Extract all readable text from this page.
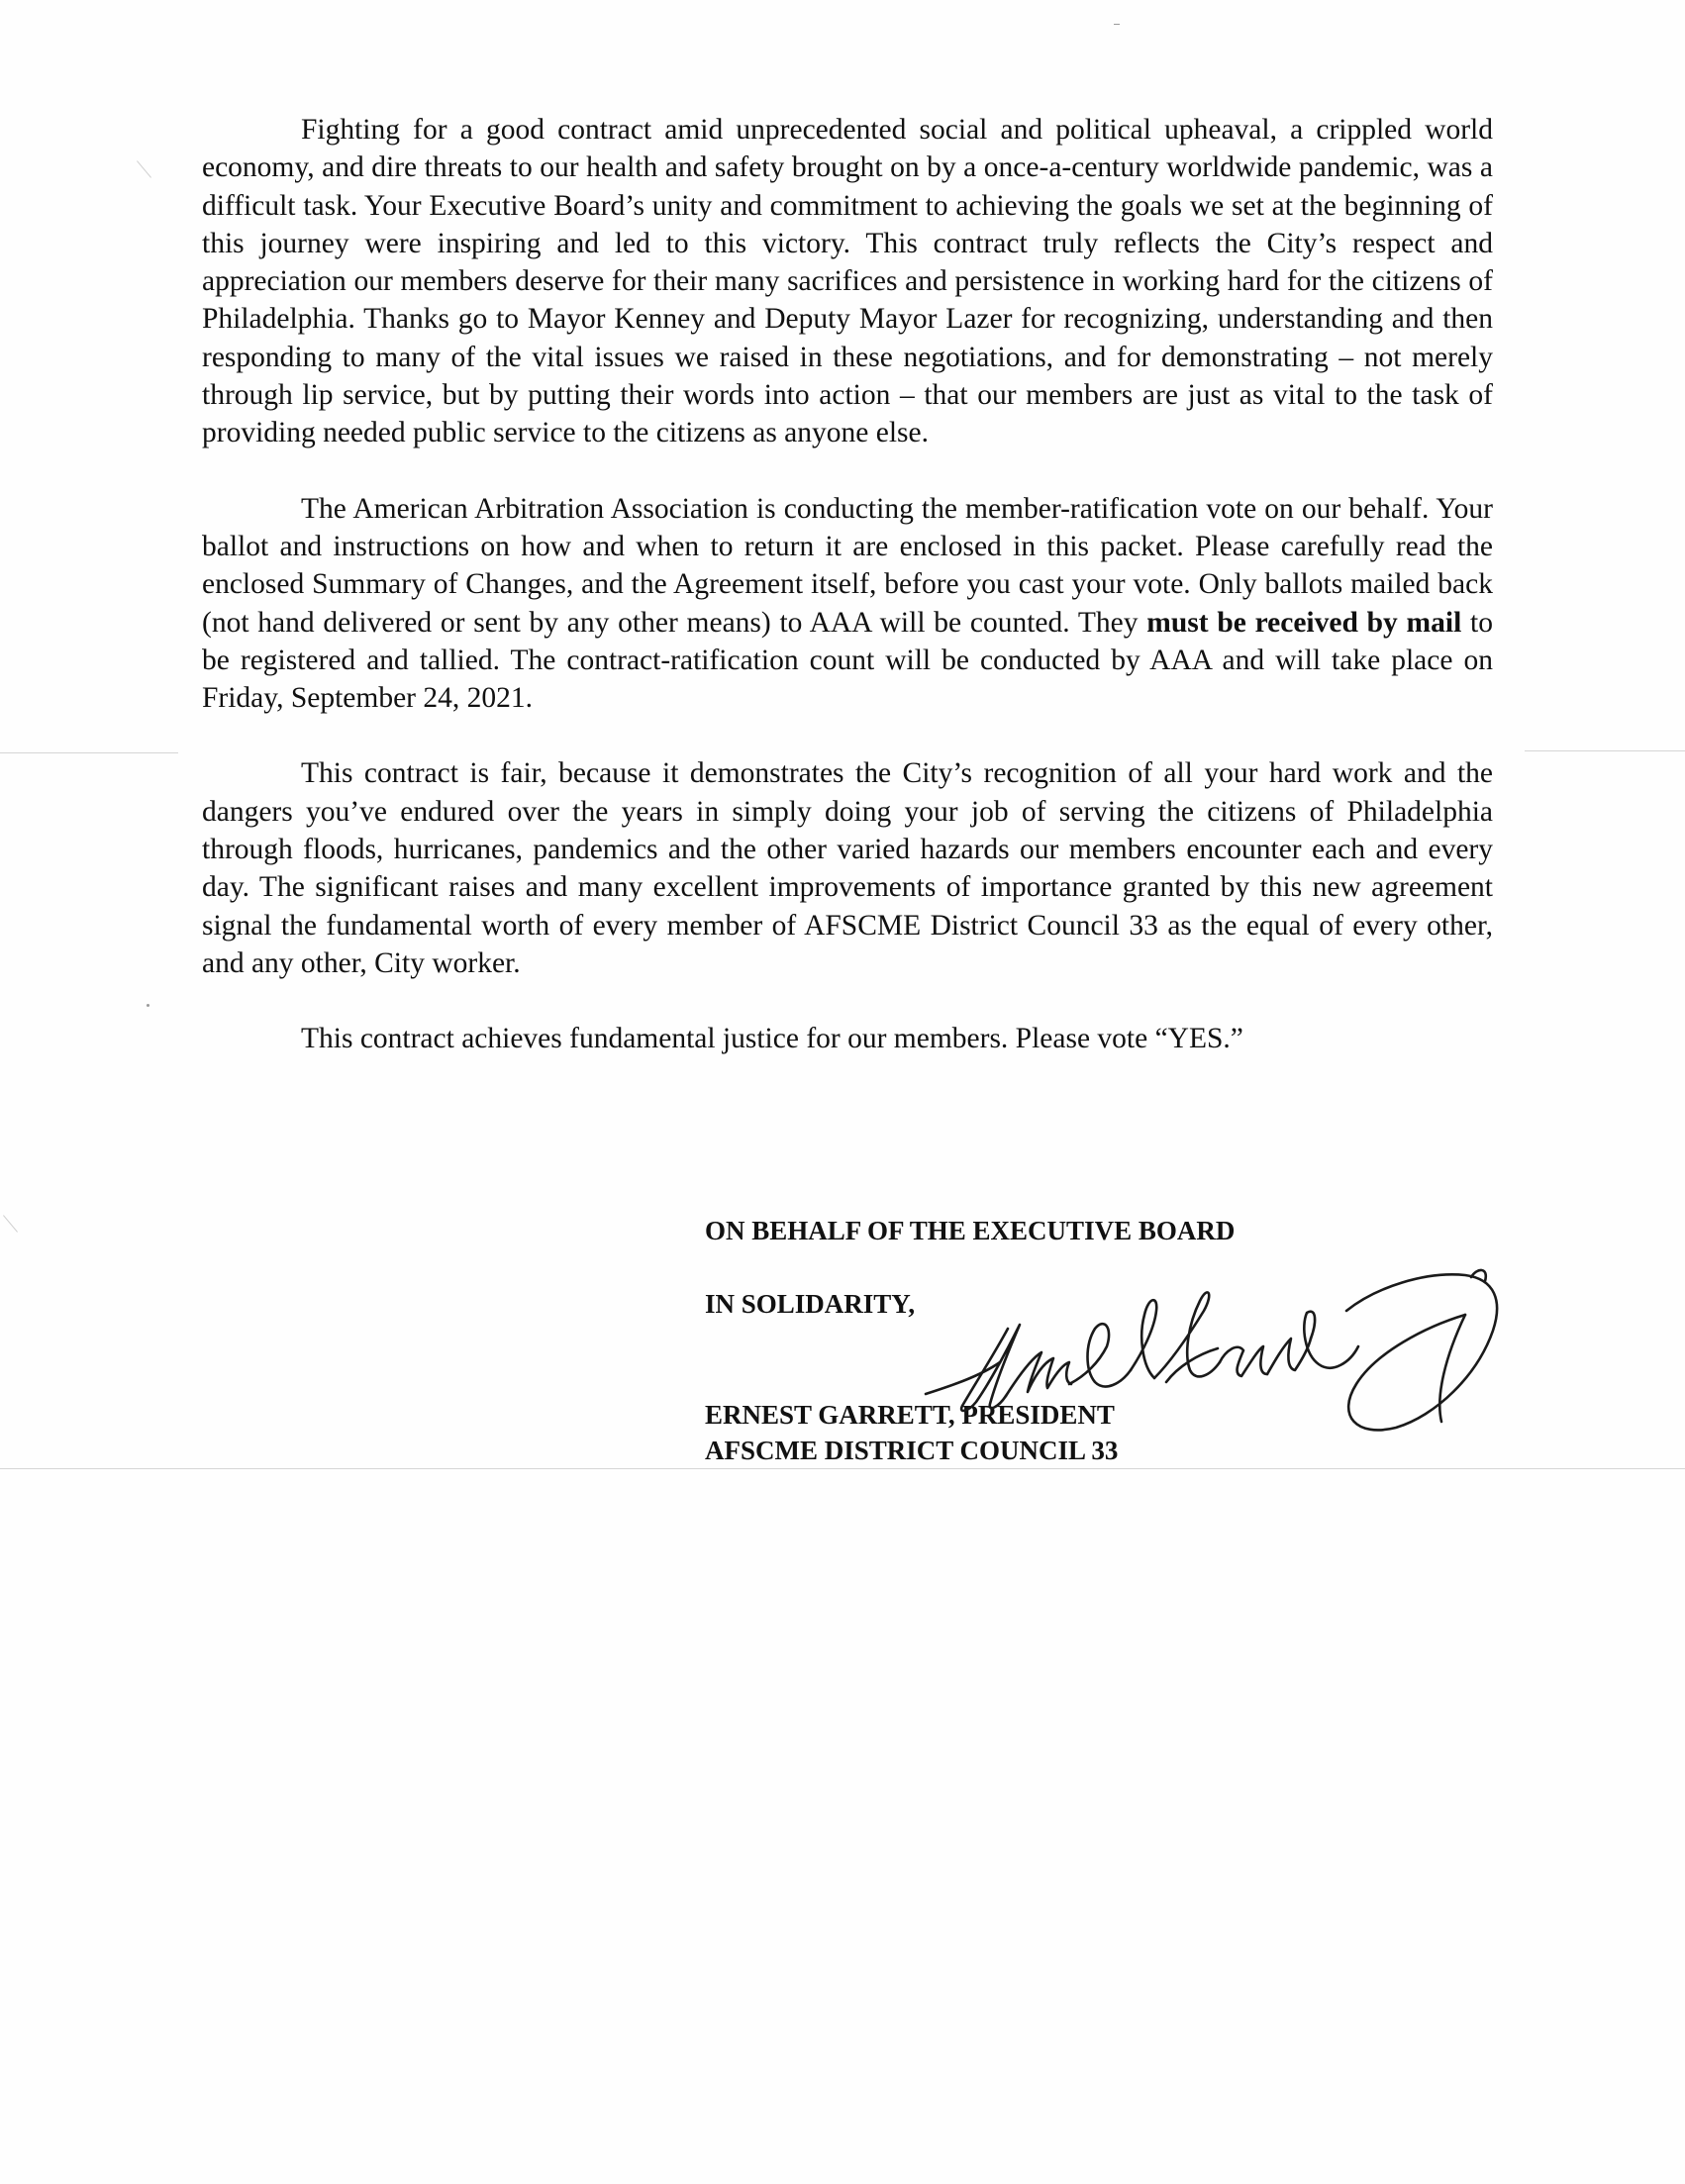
Fighting for a good contract amid unprecedented social and political upheaval, a crippled world economy, and dire threats to our health and safety brought on by a once-a-century worldwide pandemic, was a difficult task. Your Executive Board’s unity and commitment to achieving the goals we set at the beginning of this journey were inspiring and led to this victory. This contract truly reflects the City’s respect and appreciation our members deserve for their many sacrifices and persistence in working hard for the citizens of Philadelphia. Thanks go to Mayor Kenney and Deputy Mayor Lazer for recognizing, understanding and then responding to many of the vital issues we raised in these negotiations, and for demonstrating – not merely through lip service, but by putting their words into action – that our members are just as vital to the task of providing needed public service to the citizens as anyone else.

The American Arbitration Association is conducting the member-ratification vote on our behalf. Your ballot and instructions on how and when to return it are enclosed in this packet. Please carefully read the enclosed Summary of Changes, and the Agreement itself, before you cast your vote. Only ballots mailed back (not hand delivered or sent by any other means) to AAA will be counted. They must be received by mail to be registered and tallied. The contract-ratification count will be conducted by AAA and will take place on Friday, September 24, 2021.

This contract is fair, because it demonstrates the City’s recognition of all your hard work and the dangers you’ve endured over the years in simply doing your job of serving the citizens of Philadelphia through floods, hurricanes, pandemics and the other varied hazards our members encounter each and every day. The significant raises and many excellent improvements of importance granted by this new agreement signal the fundamental worth of every member of AFSCME District Council 33 as the equal of every other, and any other, City worker.

This contract achieves fundamental justice for our members. Please vote “YES.”

ON BEHALF OF THE EXECUTIVE BOARD
IN SOLIDARITY,
ERNEST GARRETT, PRESIDENT
AFSCME DISTRICT COUNCIL 33
